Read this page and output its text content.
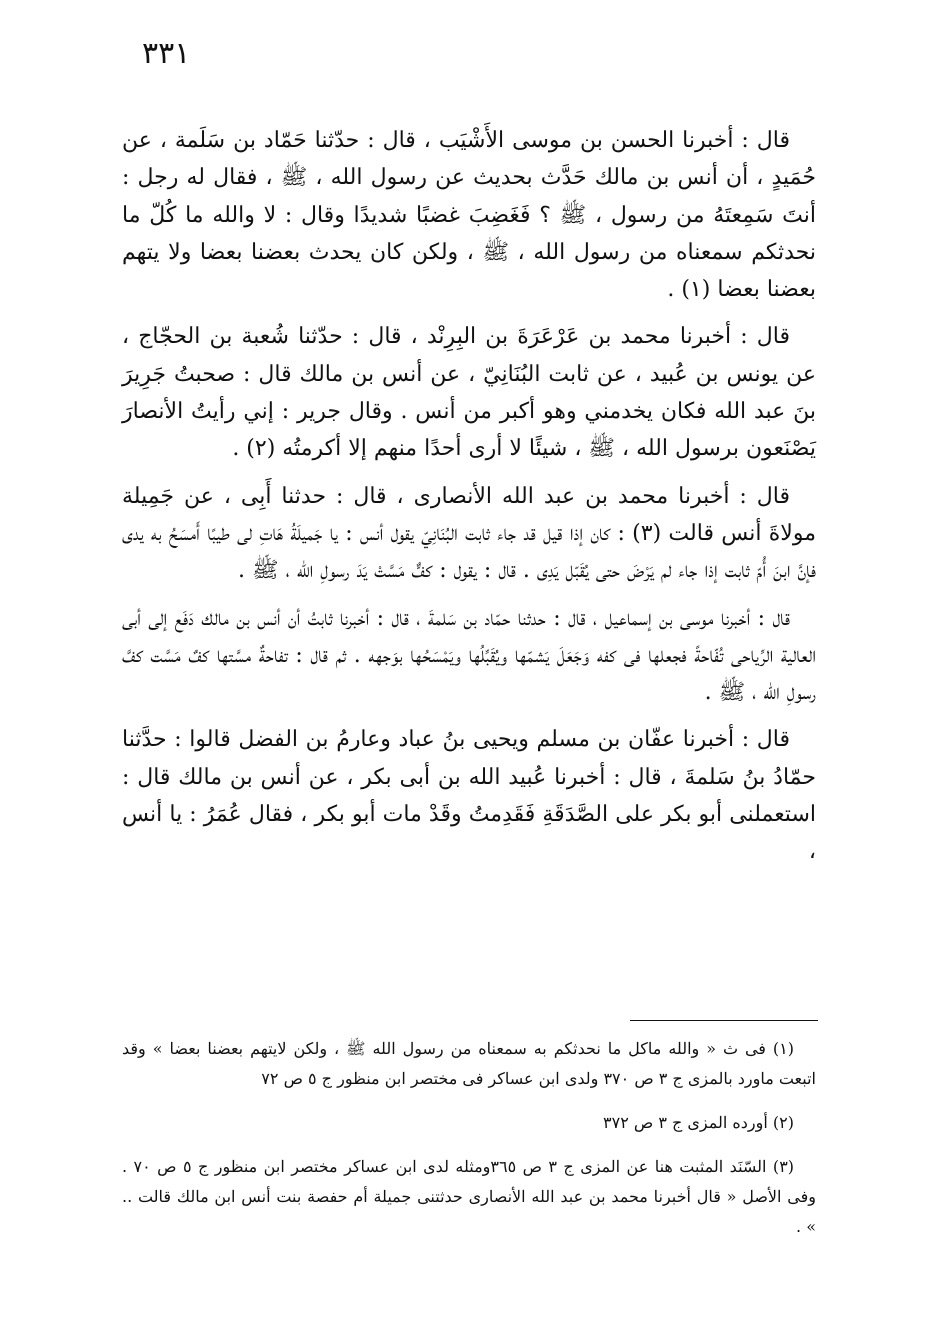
٣٣١

قال : أخبرنا الحسن بن موسى الأَشْيَب ، قال : حدّثنا حَمّاد بن سَلَمة ، عن حُمَيدٍ ، أن أنس بن مالك حَدَّث بحديث عن رسول الله ، ﷺ ، فقال له رجل : أنتَ سَمِعتَهُ من رسول ، ﷺ ؟ فَغَضِبَ غضبًا شديدًا وقال : لا والله ما كُلّ ما نحدثكم سمعناه من رسول الله ، ﷺ ، ولكن كان يحدث بعضنا بعضا ولا يتهم بعضنا بعضا (١) .

قال : أخبرنا محمد بن عَرْعَرَةَ بن البِرِنْد ، قال : حدّثنا شُعبة بن الحجّاج ، عن يونس بن عُبيد ، عن ثابت البُنَانِيّ ، عن أنس بن مالك قال : صحبتُ جَرِيرَ بنَ عبد الله فكان يخدمني وهو أكبر من أنس . وقال جرير : إني رأيتُ الأنصارَ يَصْنَعون برسول الله ، ﷺ ، شيئًا لا أرى أحدًا منهم إلا أكرمتُه (٢) .

قال : أخبرنا محمد بن عبد الله الأنصارى ، قال : حدثنا أَبِى ، عن جَمِيلة مولاةَ أنس قالت (٣) : كان إذا قيل قد جاء ثابت البُنَانِيّ يقول أنس : يا جَميلَةُ هَاتِ لى طيبًا أَمسَحُ به يدى فإنَّ ابنَ أُمّ ثابت إذا جاء لم يَرْضَ حتى يُقَبّل يَدِى . قال : يقول : كفٌّ مَسَّتْ يَدَ رسولِ الله ، ﷺ .

قال : أخبرنا موسى بن إسماعيل ، قال : حدثنا حمّاد بن سَلمةَ ، قال : أخبرنا ثابتُ أن أنس بن مالك دَفَع إلى أبى العالية الرِّياحى تُفّاحةً فجعلها فى كفه وَجَعَلَ يَشمّها ويُقَبِّلُها ويَمْسَحُها بوَجهه . ثم قال : تفاحةٌ مسَّتها كفٌ مَسَّت كفَّ رسولِ الله ، ﷺ .

قال : أخبرنا عفّان بن مسلم ويحيى بنُ عباد وعارمُ بن الفضل قالوا : حدَّثنا حمّادُ بنُ سَلمةَ ، قال : أخبرنا عُبيد الله بن أبى بكر ، عن أنس بن مالك قال : استعملنى أبو بكر على الصَّدَقَةِ فَقَدِمتُ وقَدْ مات أبو بكر ، فقال عُمَرُ : يا أنس ،

(١) فى ث « والله ماكل ما نحدثكم به سمعناه من رسول الله ﷺ ، ولكن لايتهم بعضنا بعضا » وقد اتبعت ماورد بالمزى ج ٣ ص ٣٧٠ ولدى ابن عساكر فى مختصر ابن منظور ج ٥ ص ٧٢

(٢) أورده المزى ج ٣ ص ٣٧٢

(٣) السّنَد المثبت هنا عن المزى ج ٣ ص ٣٦٥ومثله لدى ابن عساكر مختصر ابن منظور ج ٥ ص ٧٠ . وفى الأصل « قال أخبرنا محمد بن عبد الله الأنصارى حدثتنى جميلة أم حفصة بنت أنس ابن مالك قالت .. » .
